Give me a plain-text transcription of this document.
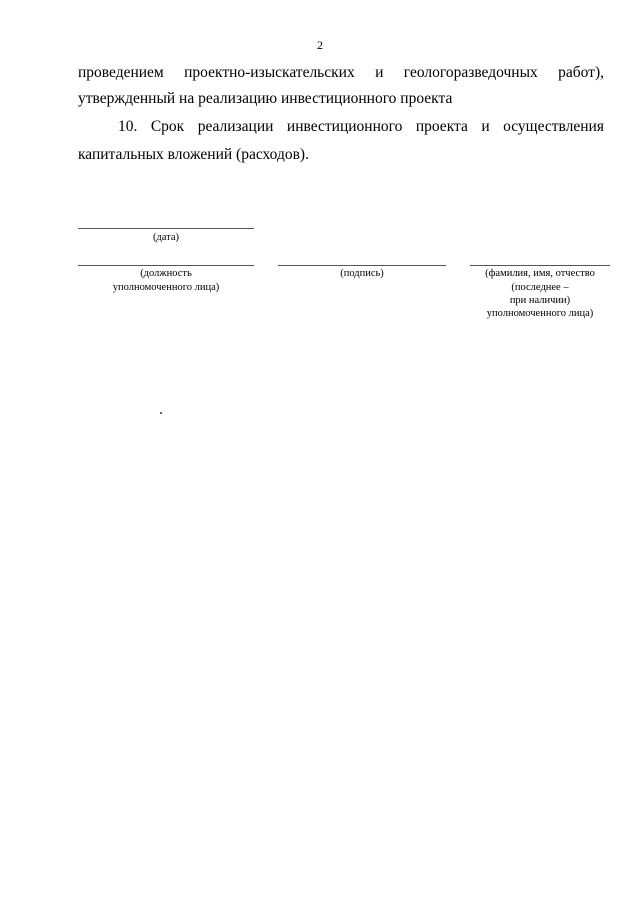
2
проведением проектно-изыскательских и геологоразведочных работ),
утвержденный на реализацию инвестиционного проекта
10. Срок реализации инвестиционного проекта и осуществления
капитальных вложений (расходов).
(дата)
(должность
уполномоченного лица)
(подпись)	(фамилия, имя, отчество
(последнее –
при наличии)
уполномоченного лица)
